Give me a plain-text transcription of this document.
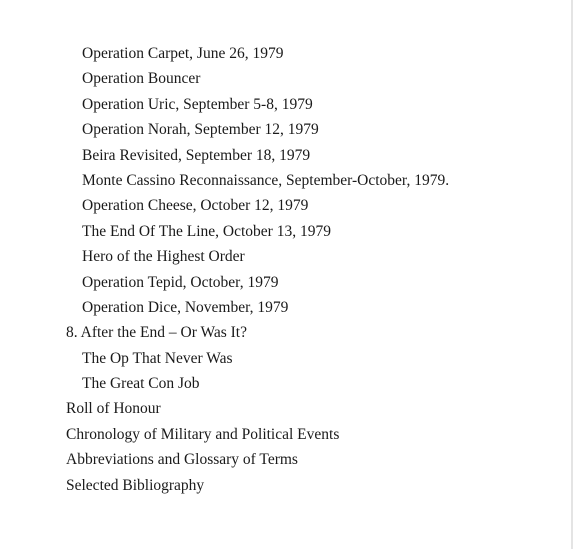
Operation Carpet, June 26, 1979
Operation Bouncer
Operation Uric, September 5-8, 1979
Operation Norah, September 12, 1979
Beira Revisited, September 18, 1979
Monte Cassino Reconnaissance, September-October, 1979.
Operation Cheese, October 12, 1979
The End Of The Line, October 13, 1979
Hero of the Highest Order
Operation Tepid, October, 1979
Operation Dice, November, 1979
8. After the End – Or Was It?
The Op That Never Was
The Great Con Job
Roll of Honour
Chronology of Military and Political Events
Abbreviations and Glossary of Terms
Selected Bibliography
